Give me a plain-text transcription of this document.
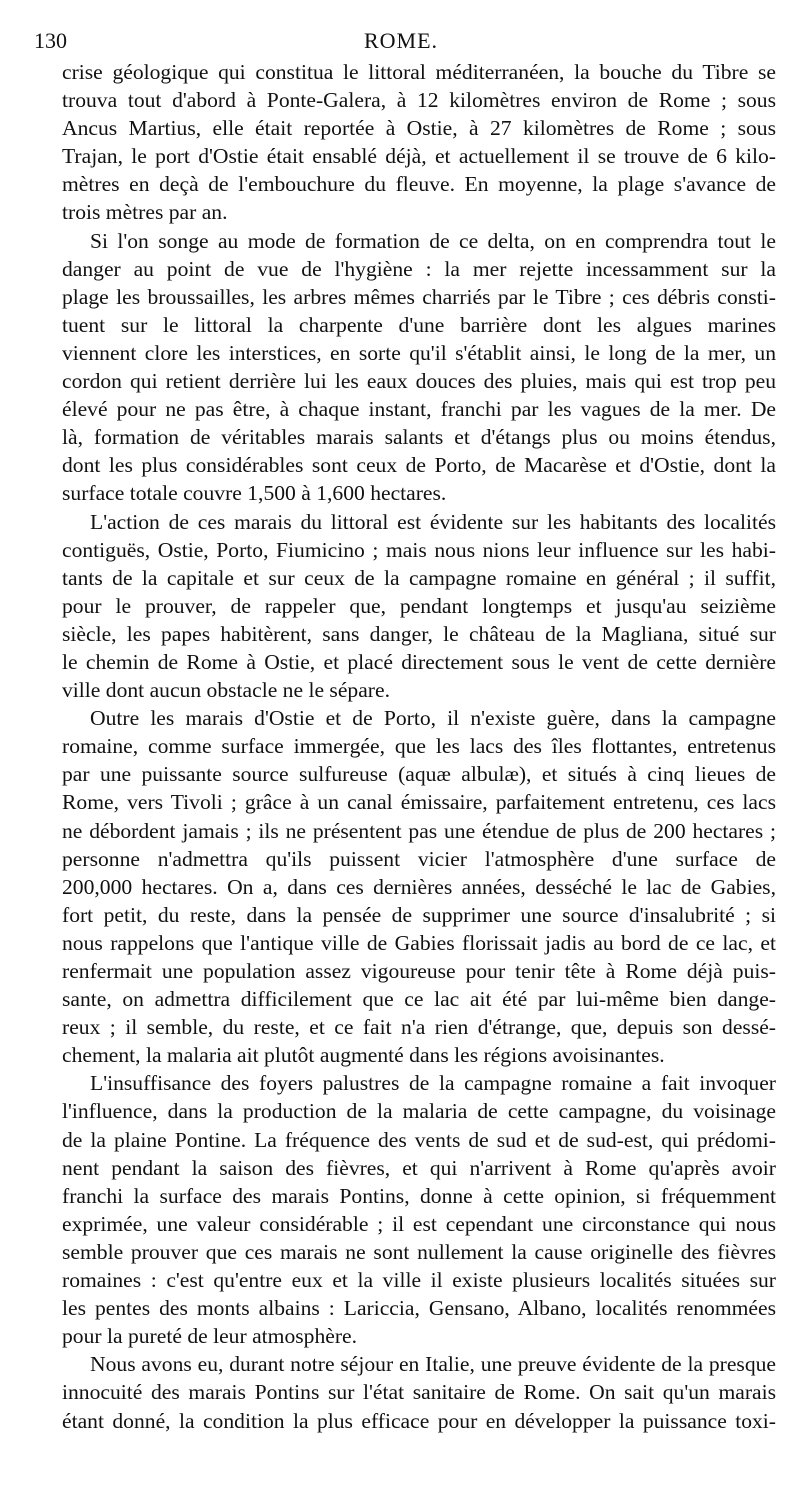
130	ROME.
crise géologique qui constitua le littoral méditerranéen, la bouche du Tibre se
trouva tout d'abord à Ponte-Galera, à 12 kilomètres environ de Rome ; sous
Ancus Martius, elle était reportée à Ostie, à 27 kilomètres de Rome ; sous
Trajan, le port d'Ostie était ensablé déjà, et actuellement il se trouve de 6 kilo-
mètres en deçà de l'embouchure du fleuve. En moyenne, la plage s'avance de
trois mètres par an.
Si l'on songe au mode de formation de ce delta, on en comprendra tout le
danger au point de vue de l'hygiène : la mer rejette incessamment sur la
plage les broussailles, les arbres mêmes charriés par le Tibre ; ces débris consti-
tuent sur le littoral la charpente d'une barrière dont les algues marines
viennent clore les interstices, en sorte qu'il s'établit ainsi, le long de la mer, un
cordon qui retient derrière lui les eaux douces des pluies, mais qui est trop peu
élevé pour ne pas être, à chaque instant, franchi par les vagues de la mer. De
là, formation de véritables marais salants et d'étangs plus ou moins étendus,
dont les plus considérables sont ceux de Porto, de Macarèse et d'Ostie, dont la
surface totale couvre 1,500 à 1,600 hectares.
L'action de ces marais du littoral est évidente sur les habitants des localités
contiguës, Ostie, Porto, Fiumicino ; mais nous nions leur influence sur les habi-
tants de la capitale et sur ceux de la campagne romaine en général ; il suffit,
pour le prouver, de rappeler que, pendant longtemps et jusqu'au seizième
siècle, les papes habitèrent, sans danger, le château de la Magliana, situé sur
le chemin de Rome à Ostie, et placé directement sous le vent de cette dernière
ville dont aucun obstacle ne le sépare.
Outre les marais d'Ostie et de Porto, il n'existe guère, dans la campagne
romaine, comme surface immergée, que les lacs des îles flottantes, entretenus
par une puissante source sulfureuse (aquæ albulæ), et situés à cinq lieues de
Rome, vers Tivoli ; grâce à un canal émissaire, parfaitement entretenu, ces lacs
ne débordent jamais ; ils ne présentent pas une étendue de plus de 200 hectares ;
personne n'admettra qu'ils puissent vicier l'atmosphère d'une surface de
200,000 hectares. On a, dans ces dernières années, desséché le lac de Gabies,
fort petit, du reste, dans la pensée de supprimer une source d'insalubrité ; si
nous rappelons que l'antique ville de Gabies florissait jadis au bord de ce lac, et
renfermait une population assez vigoureuse pour tenir tête à Rome déjà puis-
sante, on admettra difficilement que ce lac ait été par lui-même bien dange-
reux ; il semble, du reste, et ce fait n'a rien d'étrange, que, depuis son dessé-
chement, la malaria ait plutôt augmenté dans les régions avoisinantes.
L'insuffisance des foyers palustres de la campagne romaine a fait invoquer
l'influence, dans la production de la malaria de cette campagne, du voisinage
de la plaine Pontine. La fréquence des vents de sud et de sud-est, qui prédomi-
nent pendant la saison des fièvres, et qui n'arrivent à Rome qu'après avoir
franchi la surface des marais Pontins, donne à cette opinion, si fréquemment
exprimée, une valeur considérable ; il est cependant une circonstance qui nous
semble prouver que ces marais ne sont nullement la cause originelle des fièvres
romaines : c'est qu'entre eux et la ville il existe plusieurs localités situées sur
les pentes des monts albains : Lariccia, Gensano, Albano, localités renommées
pour la pureté de leur atmosphère.
Nous avons eu, durant notre séjour en Italie, une preuve évidente de la presque
innocuité des marais Pontins sur l'état sanitaire de Rome. On sait qu'un marais
étant donné, la condition la plus efficace pour en développer la puissance toxi-
